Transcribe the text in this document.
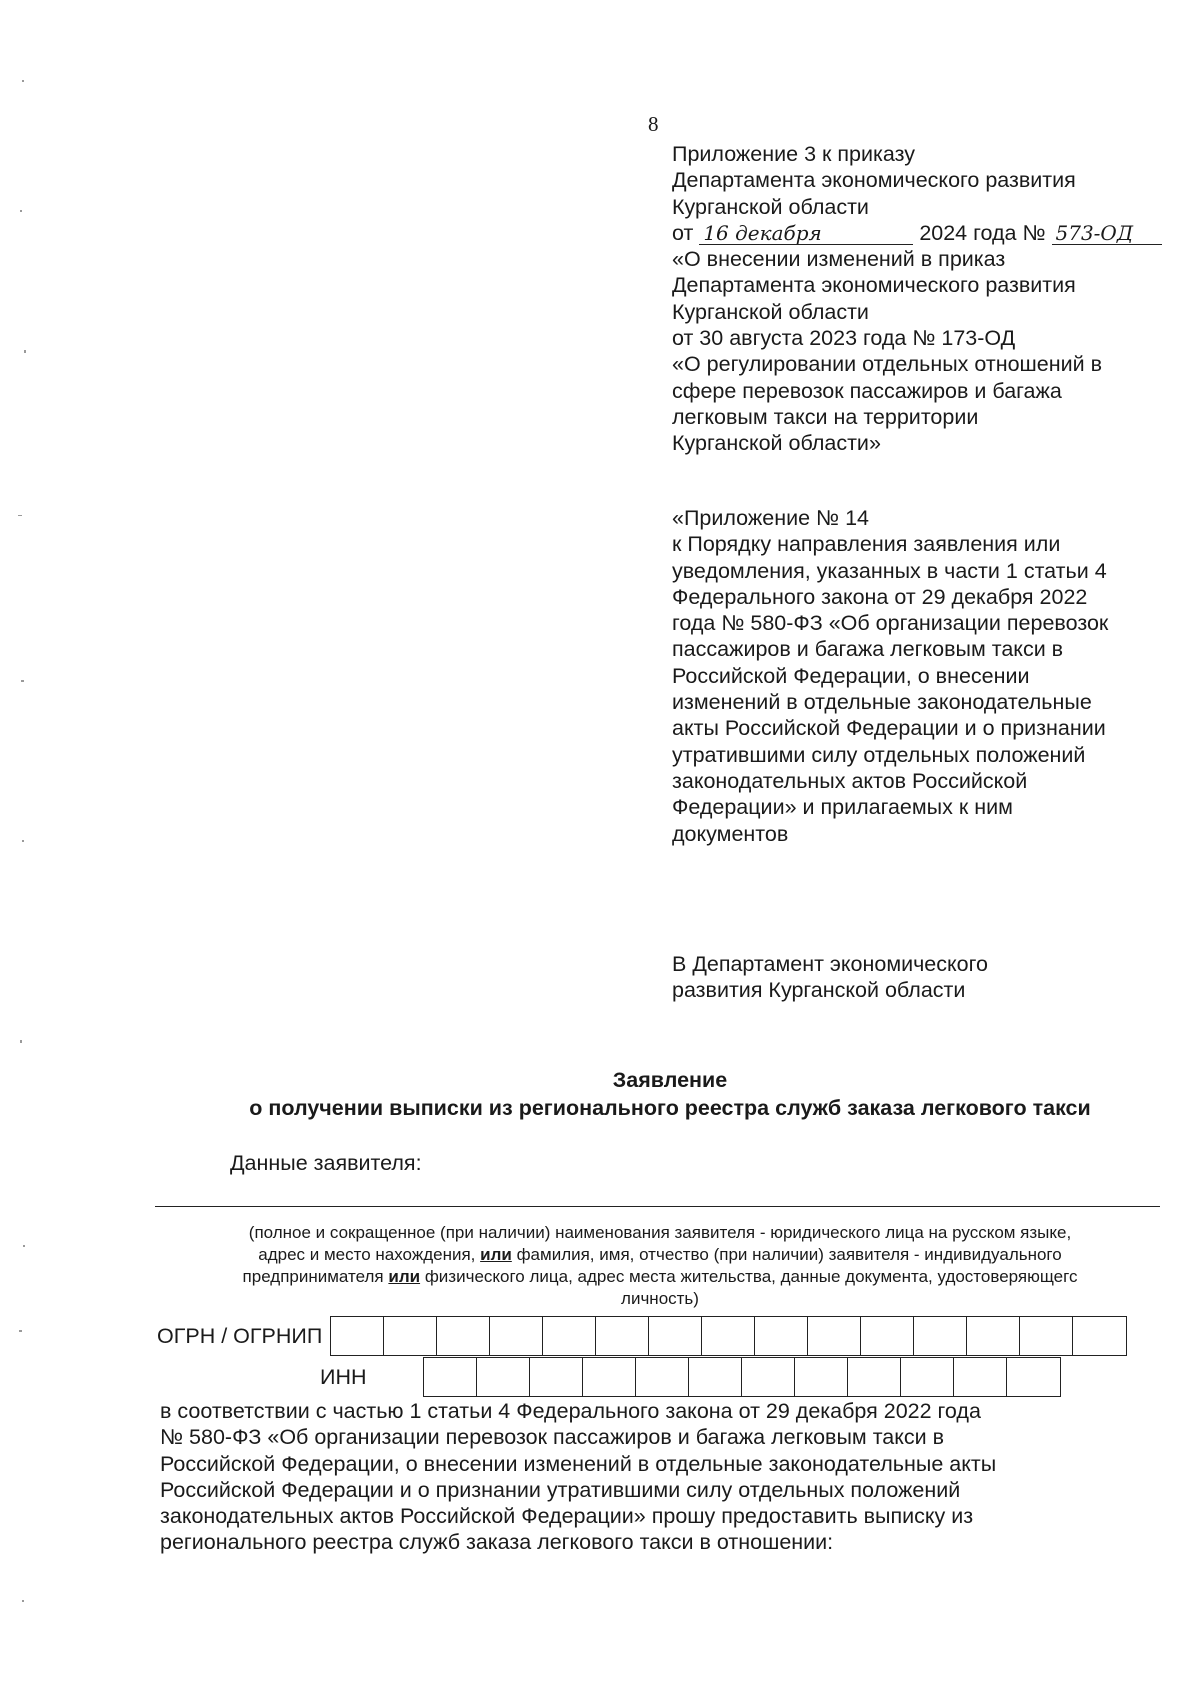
8
Приложение 3 к приказу
Департамента экономического развития
Курганской области
от 16 декабря	2024 года № 573-ОД
«О внесении изменений в приказ
Департамента экономического развития
Курганской области
от 30 августа 2023 года № 173-ОД
«О регулировании отдельных отношений в
сфере перевозок пассажиров и багажа
легковым такси на территории
Курганской области»
«Приложение № 14
к Порядку направления заявления или
уведомления, указанных в части 1 статьи 4
Федерального закона от 29 декабря 2022
года № 580-ФЗ «Об организации перевозок
пассажиров и багажа легковым такси в
Российской Федерации, о внесении
изменений в отдельные законодательные
акты Российской Федерации и о признании
утратившими силу отдельных положений
законодательных актов Российской
Федерации» и прилагаемых к ним
документов
В Департамент экономического
развития Курганской области
Заявление
о получении выписки из регионального реестра служб заказа легкового такси
Данные заявителя:
(полное и сокращенное (при наличии) наименования заявителя - юридического лица на русском языке,
адрес и место нахождения, или фамилия, имя, отчество (при наличии) заявителя - индивидуального
предпринимателя или физического лица, адрес места жительства, данные документа, удостоверяющегс
личность)
ОГРН / ОГРНИП
ИНН
в соответствии с частью 1 статьи 4 Федерального закона от 29 декабря 2022 года
№ 580-ФЗ «Об организации перевозок пассажиров и багажа легковым такси в
Российской Федерации, о внесении изменений в отдельные законодательные акты
Российской Федерации и о признании утратившими силу отдельных положений
законодательных актов Российской Федерации» прошу предоставить выписку из
регионального реестра служб заказа легкового такси в отношении:
